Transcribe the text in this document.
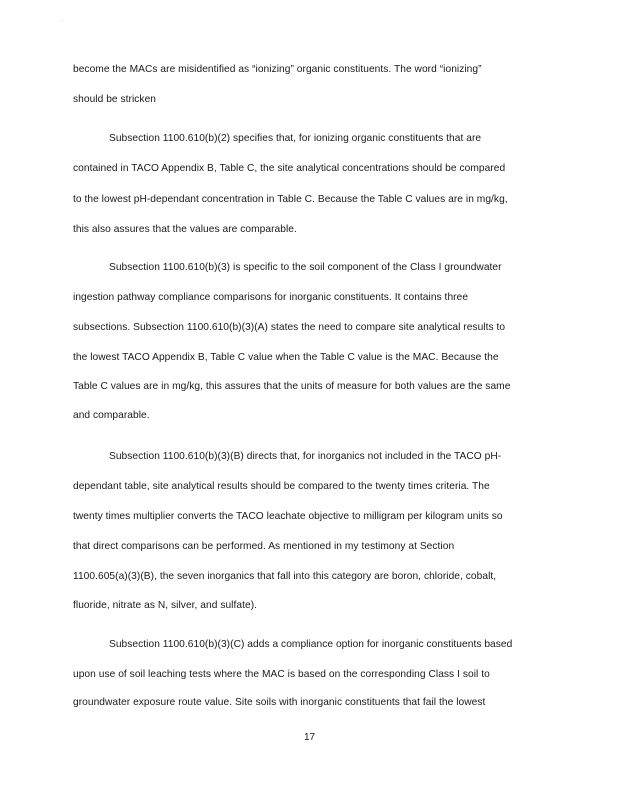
·
become the MACs are misidentified as “ionizing” organic constituents. The word “ionizing”
should be stricken
Subsection 1100.610(b)(2) specifies that, for ionizing organic constituents that are
contained in TACO Appendix B, Table C, the site analytical concentrations should be compared
to the lowest pH-dependant concentration in Table C. Because the Table C values are in mg/kg,
this also assures that the values are comparable.
Subsection 1100.610(b)(3) is specific to the soil component of the Class I groundwater
ingestion pathway compliance comparisons for inorganic constituents. It contains three
subsections. Subsection 1100.610(b)(3)(A) states the need to compare site analytical results to
the lowest TACO Appendix B, Table C value when the Table C value is the MAC. Because the
Table C values are in mg/kg, this assures that the units of measure for both values are the same
and comparable.
Subsection 1100.610(b)(3)(B) directs that, for inorganics not included in the TACO pH-
dependant table, site analytical results should be compared to the twenty times criteria. The
twenty times multiplier converts the TACO leachate objective to milligram per kilogram units so
that direct comparisons can be performed. As mentioned in my testimony at Section
1100.605(a)(3)(B), the seven inorganics that fall into this category are boron, chloride, cobalt,
fluoride, nitrate as N, silver, and sulfate).
Subsection 1100.610(b)(3)(C) adds a compliance option for inorganic constituents based
upon use of soil leaching tests where the MAC is based on the corresponding Class I soil to
groundwater exposure route value. Site soils with inorganic constituents that fail the lowest
17
